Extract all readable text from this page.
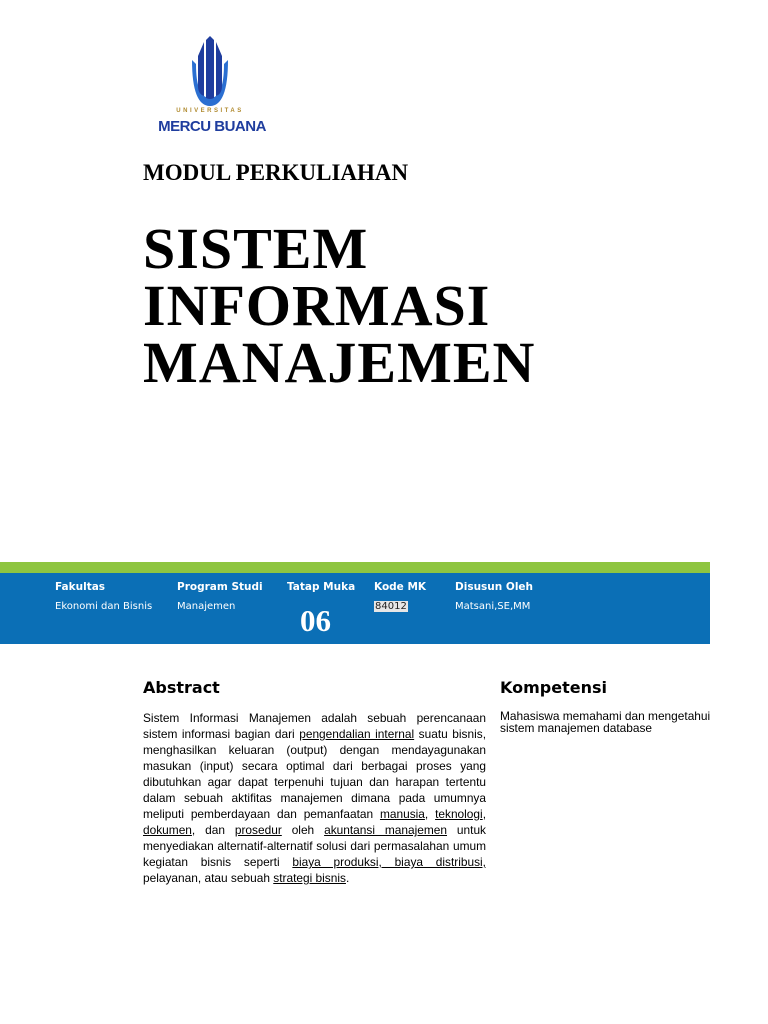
UNIVERSITAS
MERCU BUANA
MODUL PERKULIAHAN
SISTEM
INFORMASI
MANAJEMEN
Fakultas
Ekonomi dan Bisnis
Program Studi
Manajemen
Tatap Muka
06
Kode MK
84012
Disusun Oleh
Matsani,SE,MM
Abstract

Sistem Informasi Manajemen adalah sebuah perencanaan sistem informasi bagian dari pengendalian internal suatu bisnis, menghasilkan keluaran (output) dengan mendayagunakan masukan (input) secara optimal dari berbagai proses yang dibutuhkan agar dapat terpenuhi tujuan dan harapan tertentu dalam sebuah aktifitas manajemen dimana pada umumnya meliputi pemberdayaan dan pemanfaatan manusia, teknologi, dokumen, dan prosedur oleh akuntansi manajemen untuk menyediakan alternatif-alternatif solusi dari permasalahan umum kegiatan bisnis seperti biaya produksi, biaya distribusi, pelayanan, atau sebuah strategi bisnis.

Kompetensi

Mahasiswa memahami dan mengetahui sistem manajemen database
